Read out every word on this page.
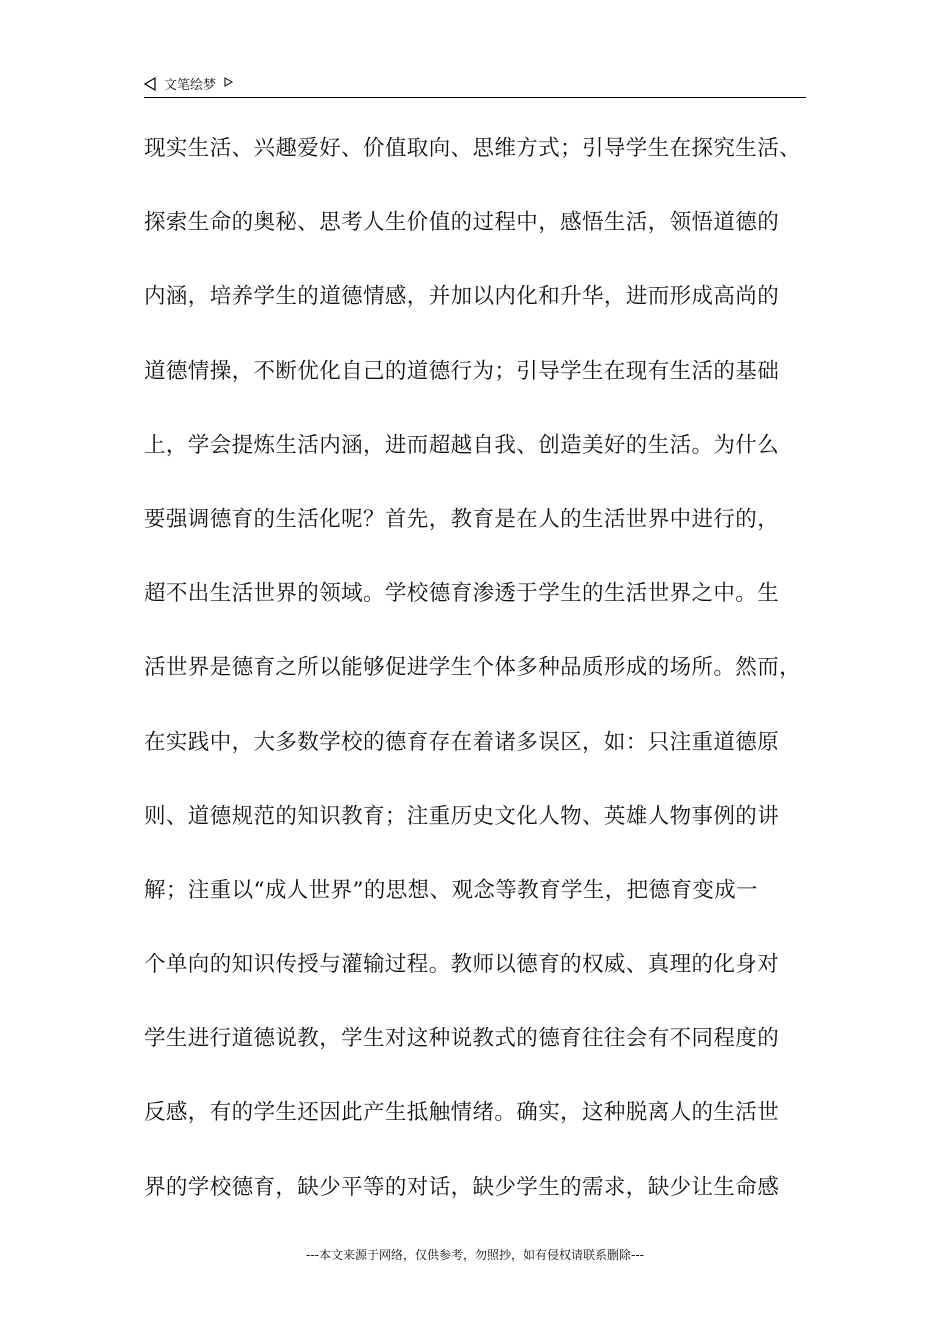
文笔绘梦
现实生活、兴趣爱好、价值取向、思维方式；引导学生在探究生活、
探索生命的奥秘、思考人生价值的过程中，感悟生活，领悟道德的
内涵，培养学生的道德情感，并加以内化和升华，进而形成高尚的
道德情操，不断优化自己的道德行为；引导学生在现有生活的基础
上，学会提炼生活内涵，进而超越自我、创造美好的生活。为什么
要强调德育的生活化呢？首先，教育是在人的生活世界中进行的，
超不出生活世界的领域。学校德育渗透于学生的生活世界之中。生
活世界是德育之所以能够促进学生个体多种品质形成的场所。然而，
在实践中，大多数学校的德育存在着诸多误区，如：只注重道德原
则、道德规范的知识教育；注重历史文化人物、英雄人物事例的讲
解；注重以“成人世界”的思想、观念等教育学生，把德育变成一
个单向的知识传授与灌输过程。教师以德育的权威、真理的化身对
学生进行道德说教，学生对这种说教式的德育往往会有不同程度的
反感，有的学生还因此产生抵触情绪。确实，这种脱离人的生活世
界的学校德育，缺少平等的对话，缺少学生的需求，缺少让生命感
---本文来源于网络，仅供参考，勿照抄，如有侵权请联系删除---
